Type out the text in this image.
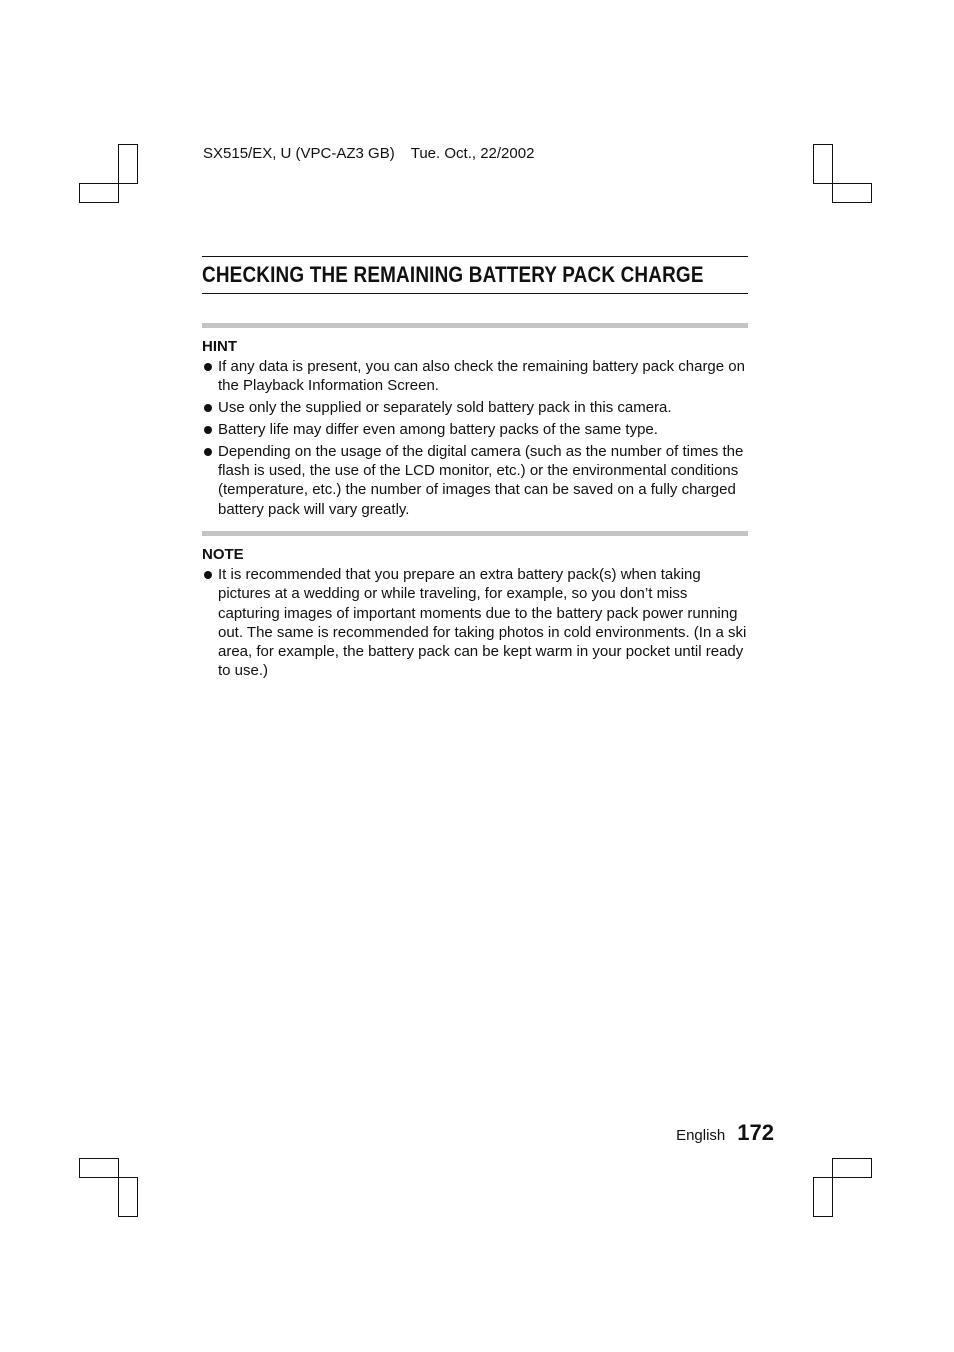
SX515/EX, U (VPC-AZ3 GB) Tue. Oct., 22/2002
CHECKING THE REMAINING BATTERY PACK CHARGE
HINT
If any data is present, you can also check the remaining battery pack charge on the Playback Information Screen.
Use only the supplied or separately sold battery pack in this camera.
Battery life may differ even among battery packs of the same type.
Depending on the usage of the digital camera (such as the number of times the flash is used, the use of the LCD monitor, etc.) or the environmental conditions (temperature, etc.) the number of images that can be saved on a fully charged battery pack will vary greatly.
NOTE
It is recommended that you prepare an extra battery pack(s) when taking pictures at a wedding or while traveling, for example, so you don’t miss capturing images of important moments due to the battery pack power running out. The same is recommended for taking photos in cold environments. (In a ski area, for example, the battery pack can be kept warm in your pocket until ready to use.)
English 172
